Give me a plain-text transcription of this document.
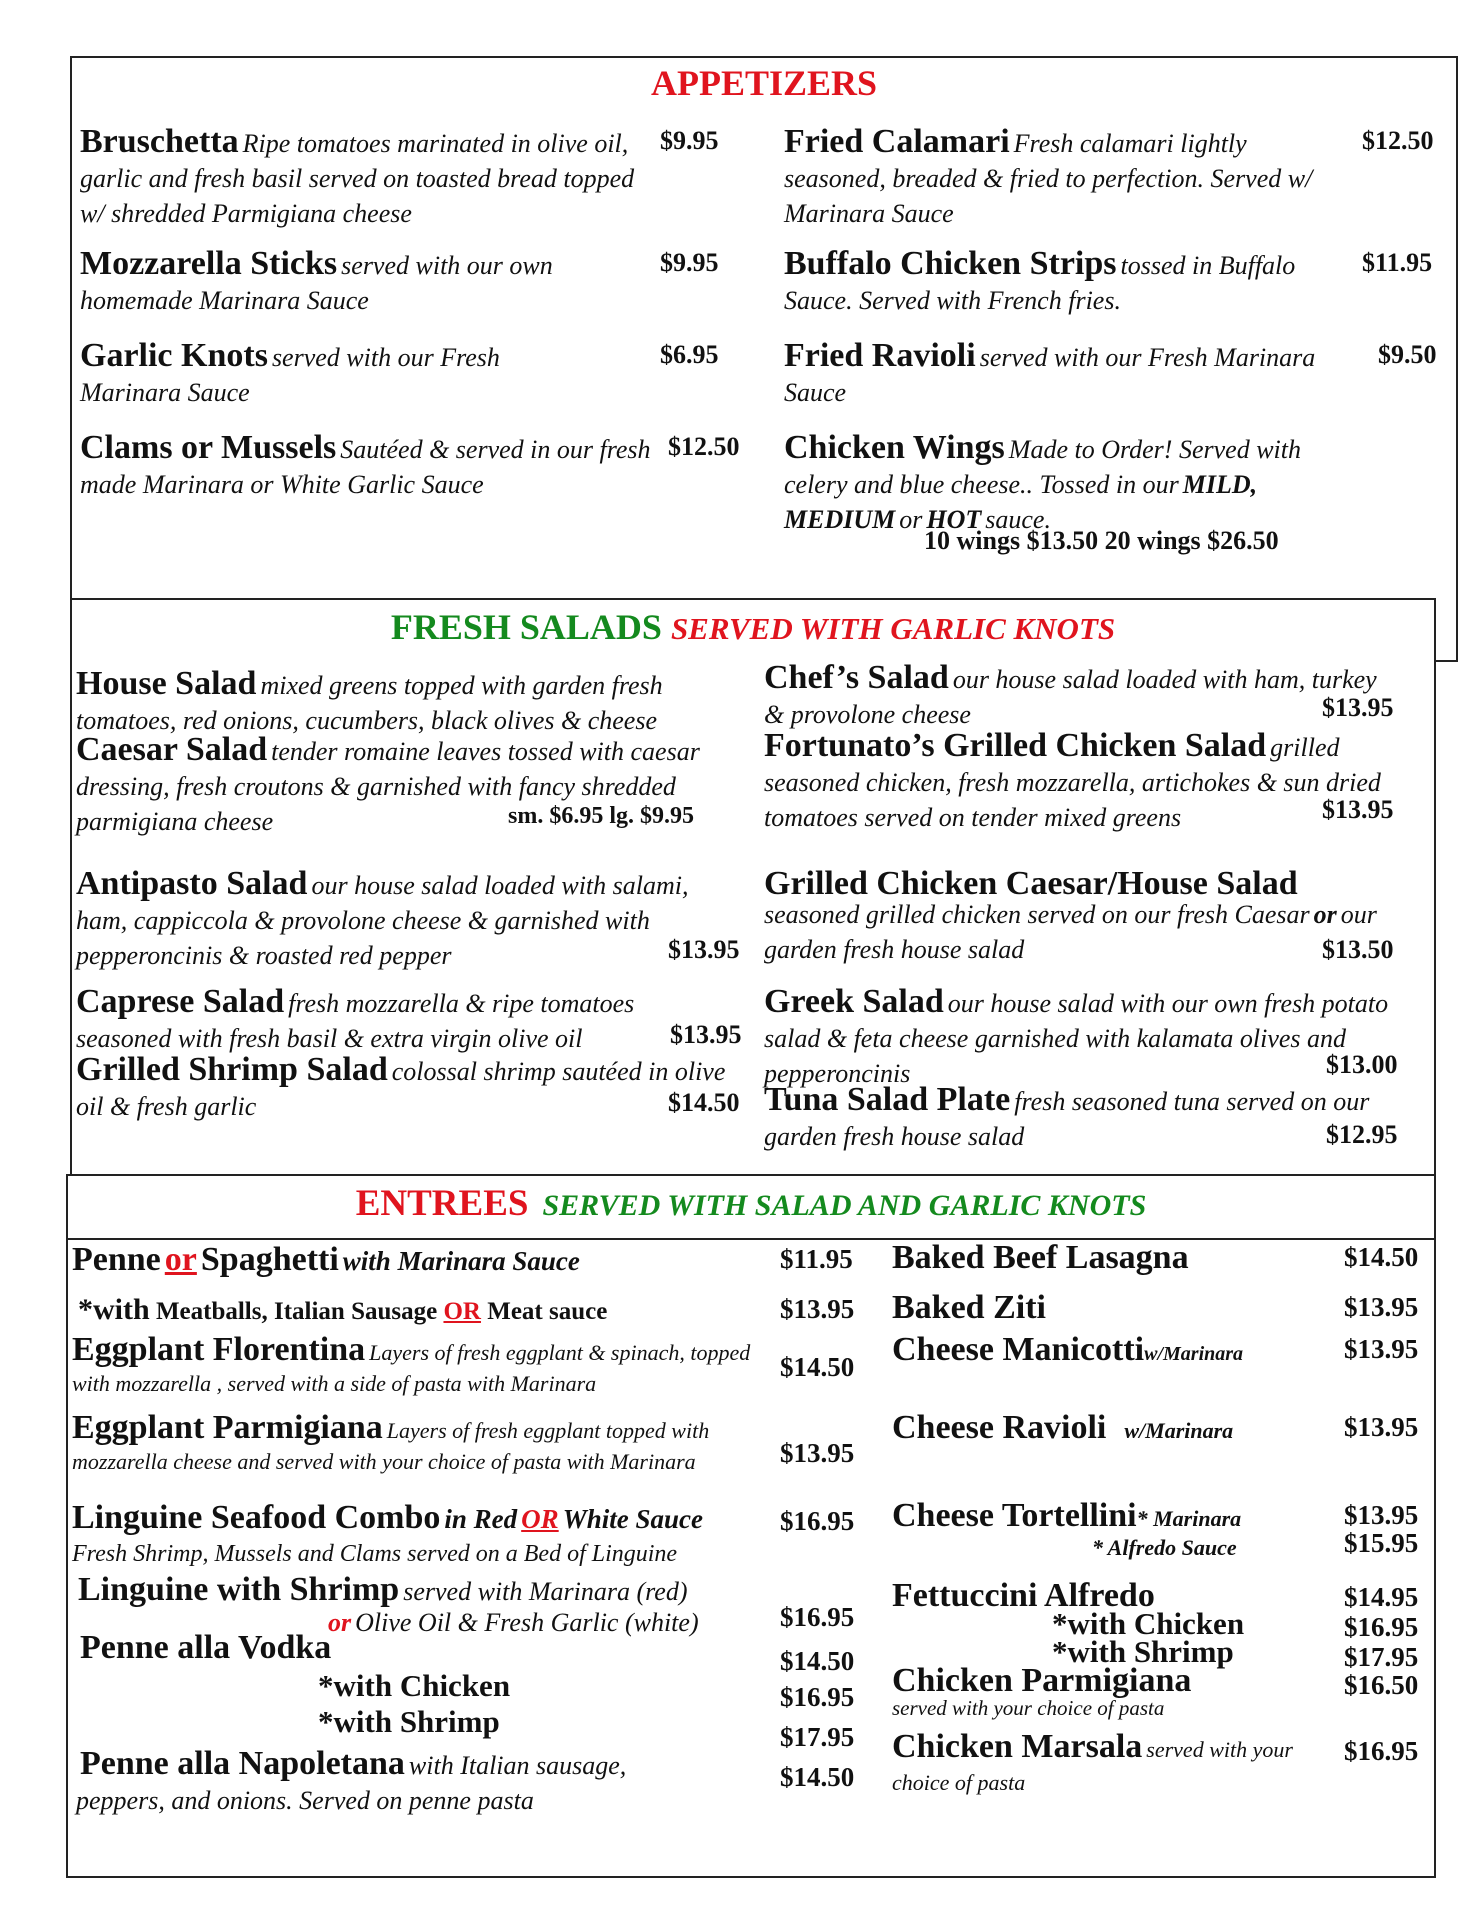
APPETIZERS
Bruschetta Ripe tomatoes marinated in olive oil, garlic and fresh basil served on toasted bread topped w/ shredded Parmigiana cheese
$9.95
Mozzarella Sticks served with our own homemade Marinara Sauce
$9.95
Garlic Knots served with our Fresh Marinara Sauce
$6.95
Clams or Mussels Sautéed & served in our fresh made Marinara or White Garlic Sauce
$12.50
Fried Calamari Fresh calamari lightly seasoned, breaded & fried to perfection. Served w/ Marinara Sauce
$12.50
Buffalo Chicken Strips tossed in Buffalo Sauce. Served with French fries.
$11.95
Fried Ravioli served with our Fresh Marinara Sauce
$9.50
Chicken Wings Made to Order! Served with celery and blue cheese.. Tossed in our MILD, MEDIUM or HOT sauce.
10 wings $13.50 20 wings $26.50
FRESH SALADS SERVED WITH GARLIC KNOTS
House Salad mixed greens topped with garden fresh tomatoes, red onions, cucumbers, black olives & cheese
Caesar Salad tender romaine leaves tossed with caesar dressing, fresh croutons & garnished with fancy shredded parmigiana cheese	sm. $6.95 lg. $9.95
Antipasto Salad our house salad loaded with salami, ham, cappiccola & provolone cheese & garnished with pepperoncinis & roasted red pepper	$13.95
Caprese Salad fresh mozzarella & ripe tomatoes seasoned with fresh basil & extra virgin olive oil	$13.95
Grilled Shrimp Salad colossal shrimp sautéed in olive oil & fresh garlic	$14.50
Chef’s Salad our house salad loaded with ham, turkey & provolone cheese	$13.95
Fortunato’s Grilled Chicken Salad grilled seasoned chicken, fresh mozzarella, artichokes & sun dried tomatoes served on tender mixed greens	$13.95
Grilled Chicken Caesar/House Salad
seasoned grilled chicken served on our fresh Caesar or our garden fresh house salad	$13.50
Greek Salad our house salad with our own fresh potato salad & feta cheese garnished with kalamata olives and pepperoncinis	$13.00
Tuna Salad Plate fresh seasoned tuna served on our garden fresh house salad	$12.95
ENTREES SERVED WITH SALAD AND GARLIC KNOTS
Penne or Spaghetti with Marinara Sauce	$11.95
*with Meatballs, Italian Sausage OR Meat sauce	$13.95
Eggplant Florentina Layers of fresh eggplant & spinach, topped with mozzarella , served with a side of pasta with Marinara
$14.50
Eggplant Parmigiana Layers of fresh eggplant topped with mozzarella cheese and served with your choice of pasta with Marinara	$13.95
Linguine Seafood Combo in Red OR White Sauce
Fresh Shrimp, Mussels and Clams served on a Bed of Linguine
$16.95
Linguine with Shrimp served with Marinara (red)
or Olive Oil & Fresh Garlic (white)	$16.95
Penne alla Vodka	$14.50
*with Chicken	$16.95
*with Shrimp	$17.95
Penne alla Napoletana with Italian sausage, peppers, and onions. Served on penne pasta
$14.50
Baked Beef Lasagna	$14.50
Baked Ziti	$13.95
Cheese Manicottiw/Marinara	$13.95
Cheese Ravioli w/Marinara	$13.95
Cheese Tortellini* Marinara
* Alfredo Sauce
$13.95
$15.95
Fettuccini Alfredo	$14.95
*with Chicken	$16.95
*with Shrimp	$17.95
Chicken Parmigiana
served with your choice of pasta
$16.50
Chicken Marsala served with your choice of pasta
$16.95
